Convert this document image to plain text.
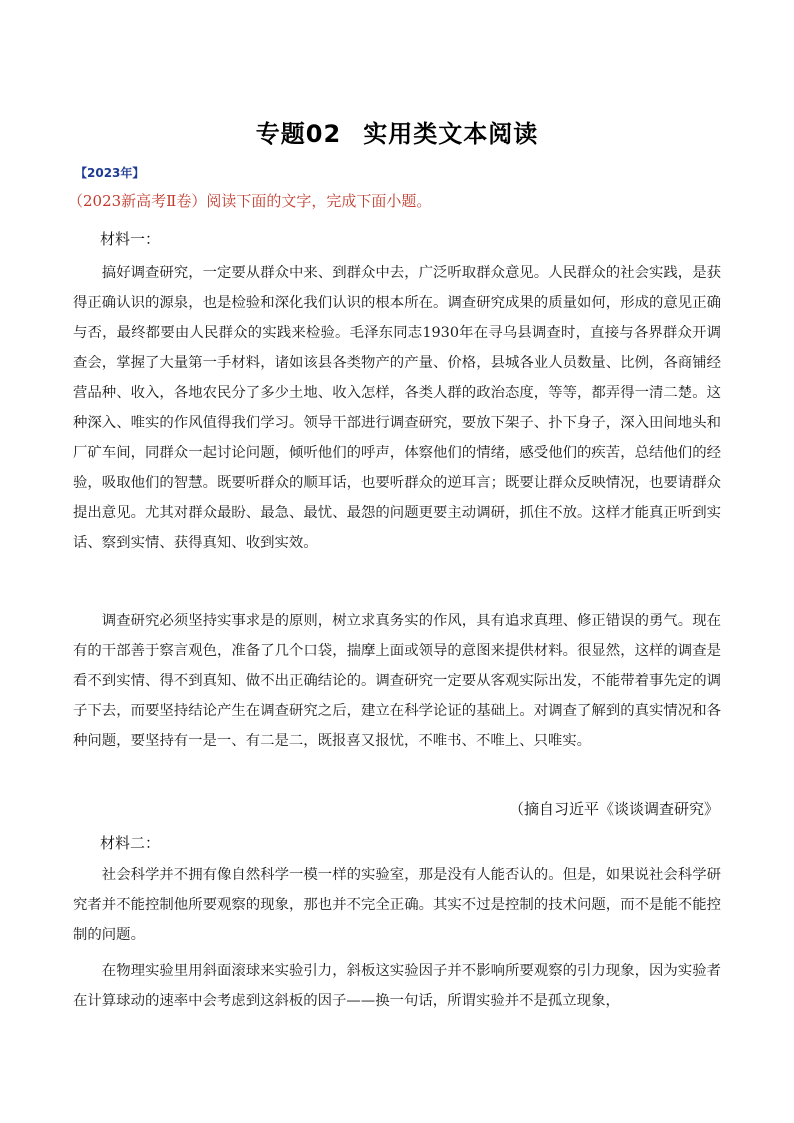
专题02 实用类文本阅读
【2023年】
（2023新高考Ⅱ卷）阅读下面的文字，完成下面小题。
材料一：

搞好调查研究，一定要从群众中来、到群众中去，广泛听取群众意见。人民群众的社会实践，是获得正确认识的源泉，也是检验和深化我们认识的根本所在。调查研究成果的质量如何，形成的意见正确与否，最终都要由人民群众的实践来检验。毛泽东同志1930年在寻乌县调查时，直接与各界群众开调查会，掌握了大量第一手材料，诸如该县各类物产的产量、价格，县城各业人员数量、比例，各商铺经营品种、收入，各地农民分了多少土地、收入怎样，各类人群的政治态度，等等，都弄得一清二楚。这种深入、唯实的作风值得我们学习。领导干部进行调查研究，要放下架子、扑下身子，深入田间地头和厂矿车间，同群众一起讨论问题，倾听他们的呼声，体察他们的情绪，感受他们的疾苦，总结他们的经验，吸取他们的智慧。既要听群众的顺耳话，也要听群众的逆耳言；既要让群众反映情况，也要请群众提出意见。尤其对群众最盼、最急、最忧、最怨的问题更要主动调研，抓住不放。这样才能真正听到实话、察到实情、获得真知、收到实效。

调查研究必须坚持实事求是的原则，树立求真务实的作风，具有追求真理、修正错误的勇气。现在有的干部善于察言观色，准备了几个口袋，揣摩上面或领导的意图来提供材料。很显然，这样的调查是看不到实情、得不到真知、做不出正确结论的。调查研究一定要从客观实际出发，不能带着事先定的调子下去，而要坚持结论产生在调查研究之后，建立在科学论证的基础上。对调查了解到的真实情况和各种问题，要坚持有一是一、有二是二，既报喜又报忧，不唯书、不唯上、只唯实。

（摘自习近平《谈谈调查研究》
材料二：

社会科学并不拥有像自然科学一模一样的实验室，那是没有人能否认的。但是，如果说社会科学研究者并不能控制他所要观察的现象，那也并不完全正确。其实不过是控制的技术问题，而不是能不能控制的问题。

在物理实验里用斜面滚球来实验引力，斜板这实验因子并不影响所要观察的引力现象，因为实验者在计算球动的速率中会考虑到这斜板的因子——换一句话，所谓实验并不是孤立现象，
